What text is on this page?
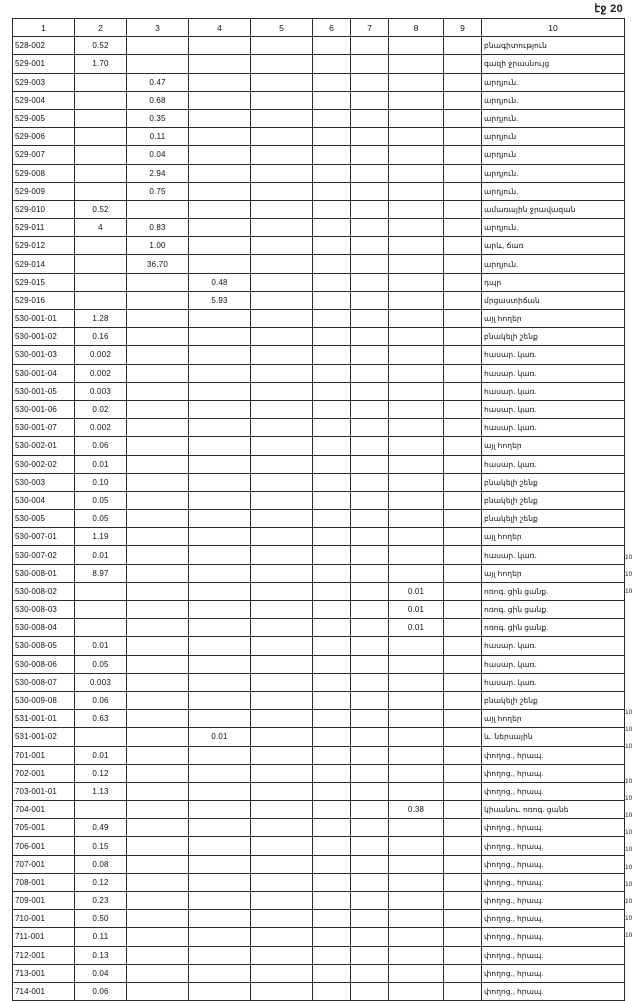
էջ 20
1	2	3	4	5	6	7	8	9	10
528-002	0.52								բնագիտություն
529-001	1.70								գազի ջրասնույց
529-003		0.47							արդյուն.
529-004		0.68							արդյուն.
529-005		0.35							արդյուն.
529-006		0.11							արդյուն
529-007		0.04							արդյուն
529-008		2.94							արդյուն.
529-009		0.75							արդյուն.
529-010	0.52								ամառային ջրավազան
529-011	4	0.83							արդյուն.
529-012		1.00							արև, ճառ
529-014		36.70							արդյուն.
529-015			0.48						դպր
529-016			5.93						մրցաստիճան
530-001-01	1.28								այլ հողեր
530-001-02	0.16								բնակելի շենք
530-001-03	0.002								հասար. կառ.
530-001-04	0.002								հասար. կառ.
530-001-05	0.003								հասար. կառ.
530-001-06	0.02								հասար. կառ.
530-001-07	0.002								հասար. կառ.
530-002-01	0.06								այլ հողեր
530-002-02	0.01								հասար. կառ.
530-003	0.10								բնակելի շենք
530-004	0.05								բնակելի շենք
530-005	0.05								բնակելի շենք
530-007-01	1.19								այլ հողեր
530-007-02	0.01								հասար. կառ.
530-008-01	8.97								այլ հողեր
530-008-02							0.01		ոռոգ. ցին ցանք.
530-008-03							0.01		ոռոգ. ցին ցանք.
530-008-04							0.01		ոռոգ. ցին ցանք.
530-008-05	0.01								հասար. կառ.
530-008-06	0.05								հասար. կառ.
530-008-07	0.003								հասար. կառ.
530-009-08	0.06								բնակելի շենք
531-001-01	0.63								այլ հողեր
531-001-02			0.01						և. ներսային
701-001	0.01								փողոց., հրապ.
702-001	0.12								փողոց., հրապ.
703-001-01	1.13								փողոց., հրապ.
704-001							0.38		կիսանու. ոռոգ. ցանե
705-001	0.49								փողոց., հրապ.
706-001	0.15								փողոց., հրապ.
707-001	0.08								փողոց., հրապ.
708-001	0.12								փողոց., հրապ.
709-001	0.23								փողոց., հրապ.
710-001	0.50								փողոց., հրապ.
711-001	0.11								փողոց., հրապ.
712-001	0.13								փողոց., հրապ.
713-001	0.04								փողոց., հրապ.
714-001	0.06								փողոց., հրապ.
10
10
10
10
10
10
10
10
10
10
10
10
10
10
10
10
